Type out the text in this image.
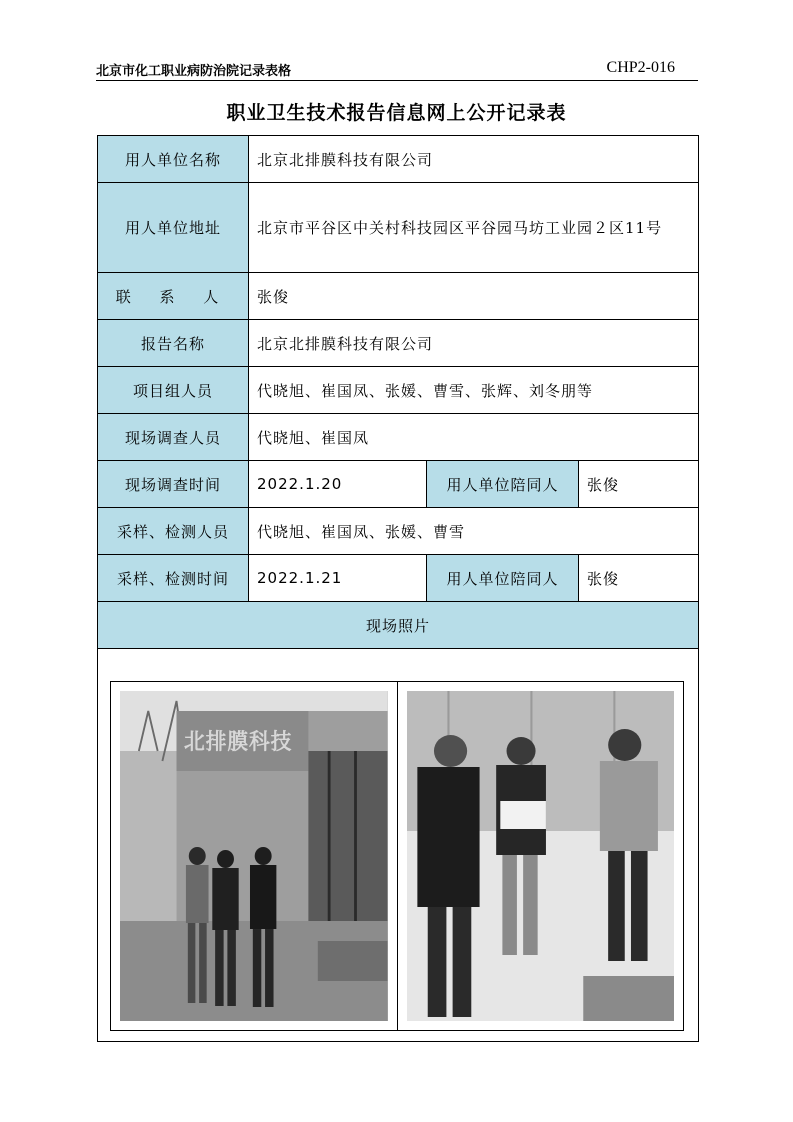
北京市化工职业病防治院记录表格	CHP2-016
职业卫生技术报告信息网上公开记录表
用人单位名称	北京北排膜科技有限公司		
用人单位地址	北京市平谷区中关村科技园区平谷园马坊工业园２区11号		
联 系 人	张俊		
报告名称	北京北排膜科技有限公司		
项目组人员	代晓旭、崔国凤、张媛、曹雪、张辉、刘冬朋等		
现场调查人员	代晓旭、崔国凤		
现场调查时间	2022.1.20	用人单位陪同人	张俊
采样、检测人员	代晓旭、崔国凤、张媛、曹雪		
采样、检测时间	2022.1.21	用人单位陪同人	张俊
现场照片			

北排膜科技			
